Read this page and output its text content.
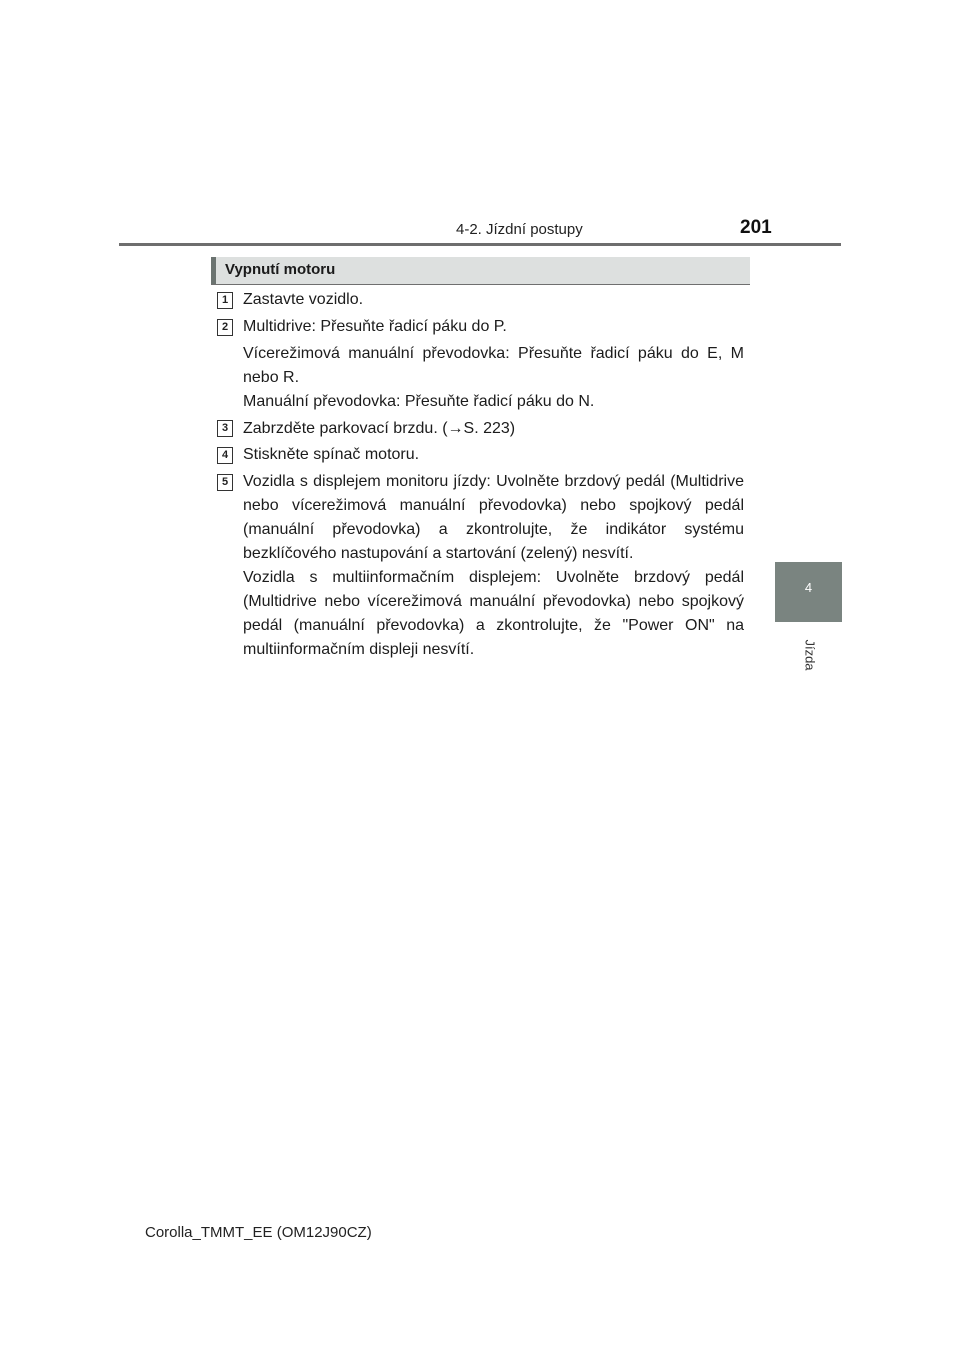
4-2. Jízdní postupy	201
4
Jízda
Vypnutí motoru
1 Zastavte vozidlo.

2 Multidrive: Přesuňte řadicí páku do P.

Vícerežimová manuální převodovka: Přesuňte řadicí páku do E, M nebo R.

Manuální převodovka: Přesuňte řadicí páku do N.

3 Zabrzděte parkovací brzdu. (→S. 223)

4 Stiskněte spínač motoru.

5 Vozidla s displejem monitoru jízdy: Uvolněte brzdový pedál (Multidrive nebo vícerežimová manuální převodovka) nebo spojkový pedál (manuální převodovka) a zkontrolujte, že indikátor systému bezklíčového nastupování a startování (zelený) nesvítí.

Vozidla s multiinformačním displejem: Uvolněte brzdový pedál (Multidrive nebo vícerežimová manuální převodovka) nebo spojkový pedál (manuální převodovka) a zkontrolujte, že "Power ON" na multiinformačním displeji nesvítí.

Corolla_TMMT_EE (OM12J90CZ)
